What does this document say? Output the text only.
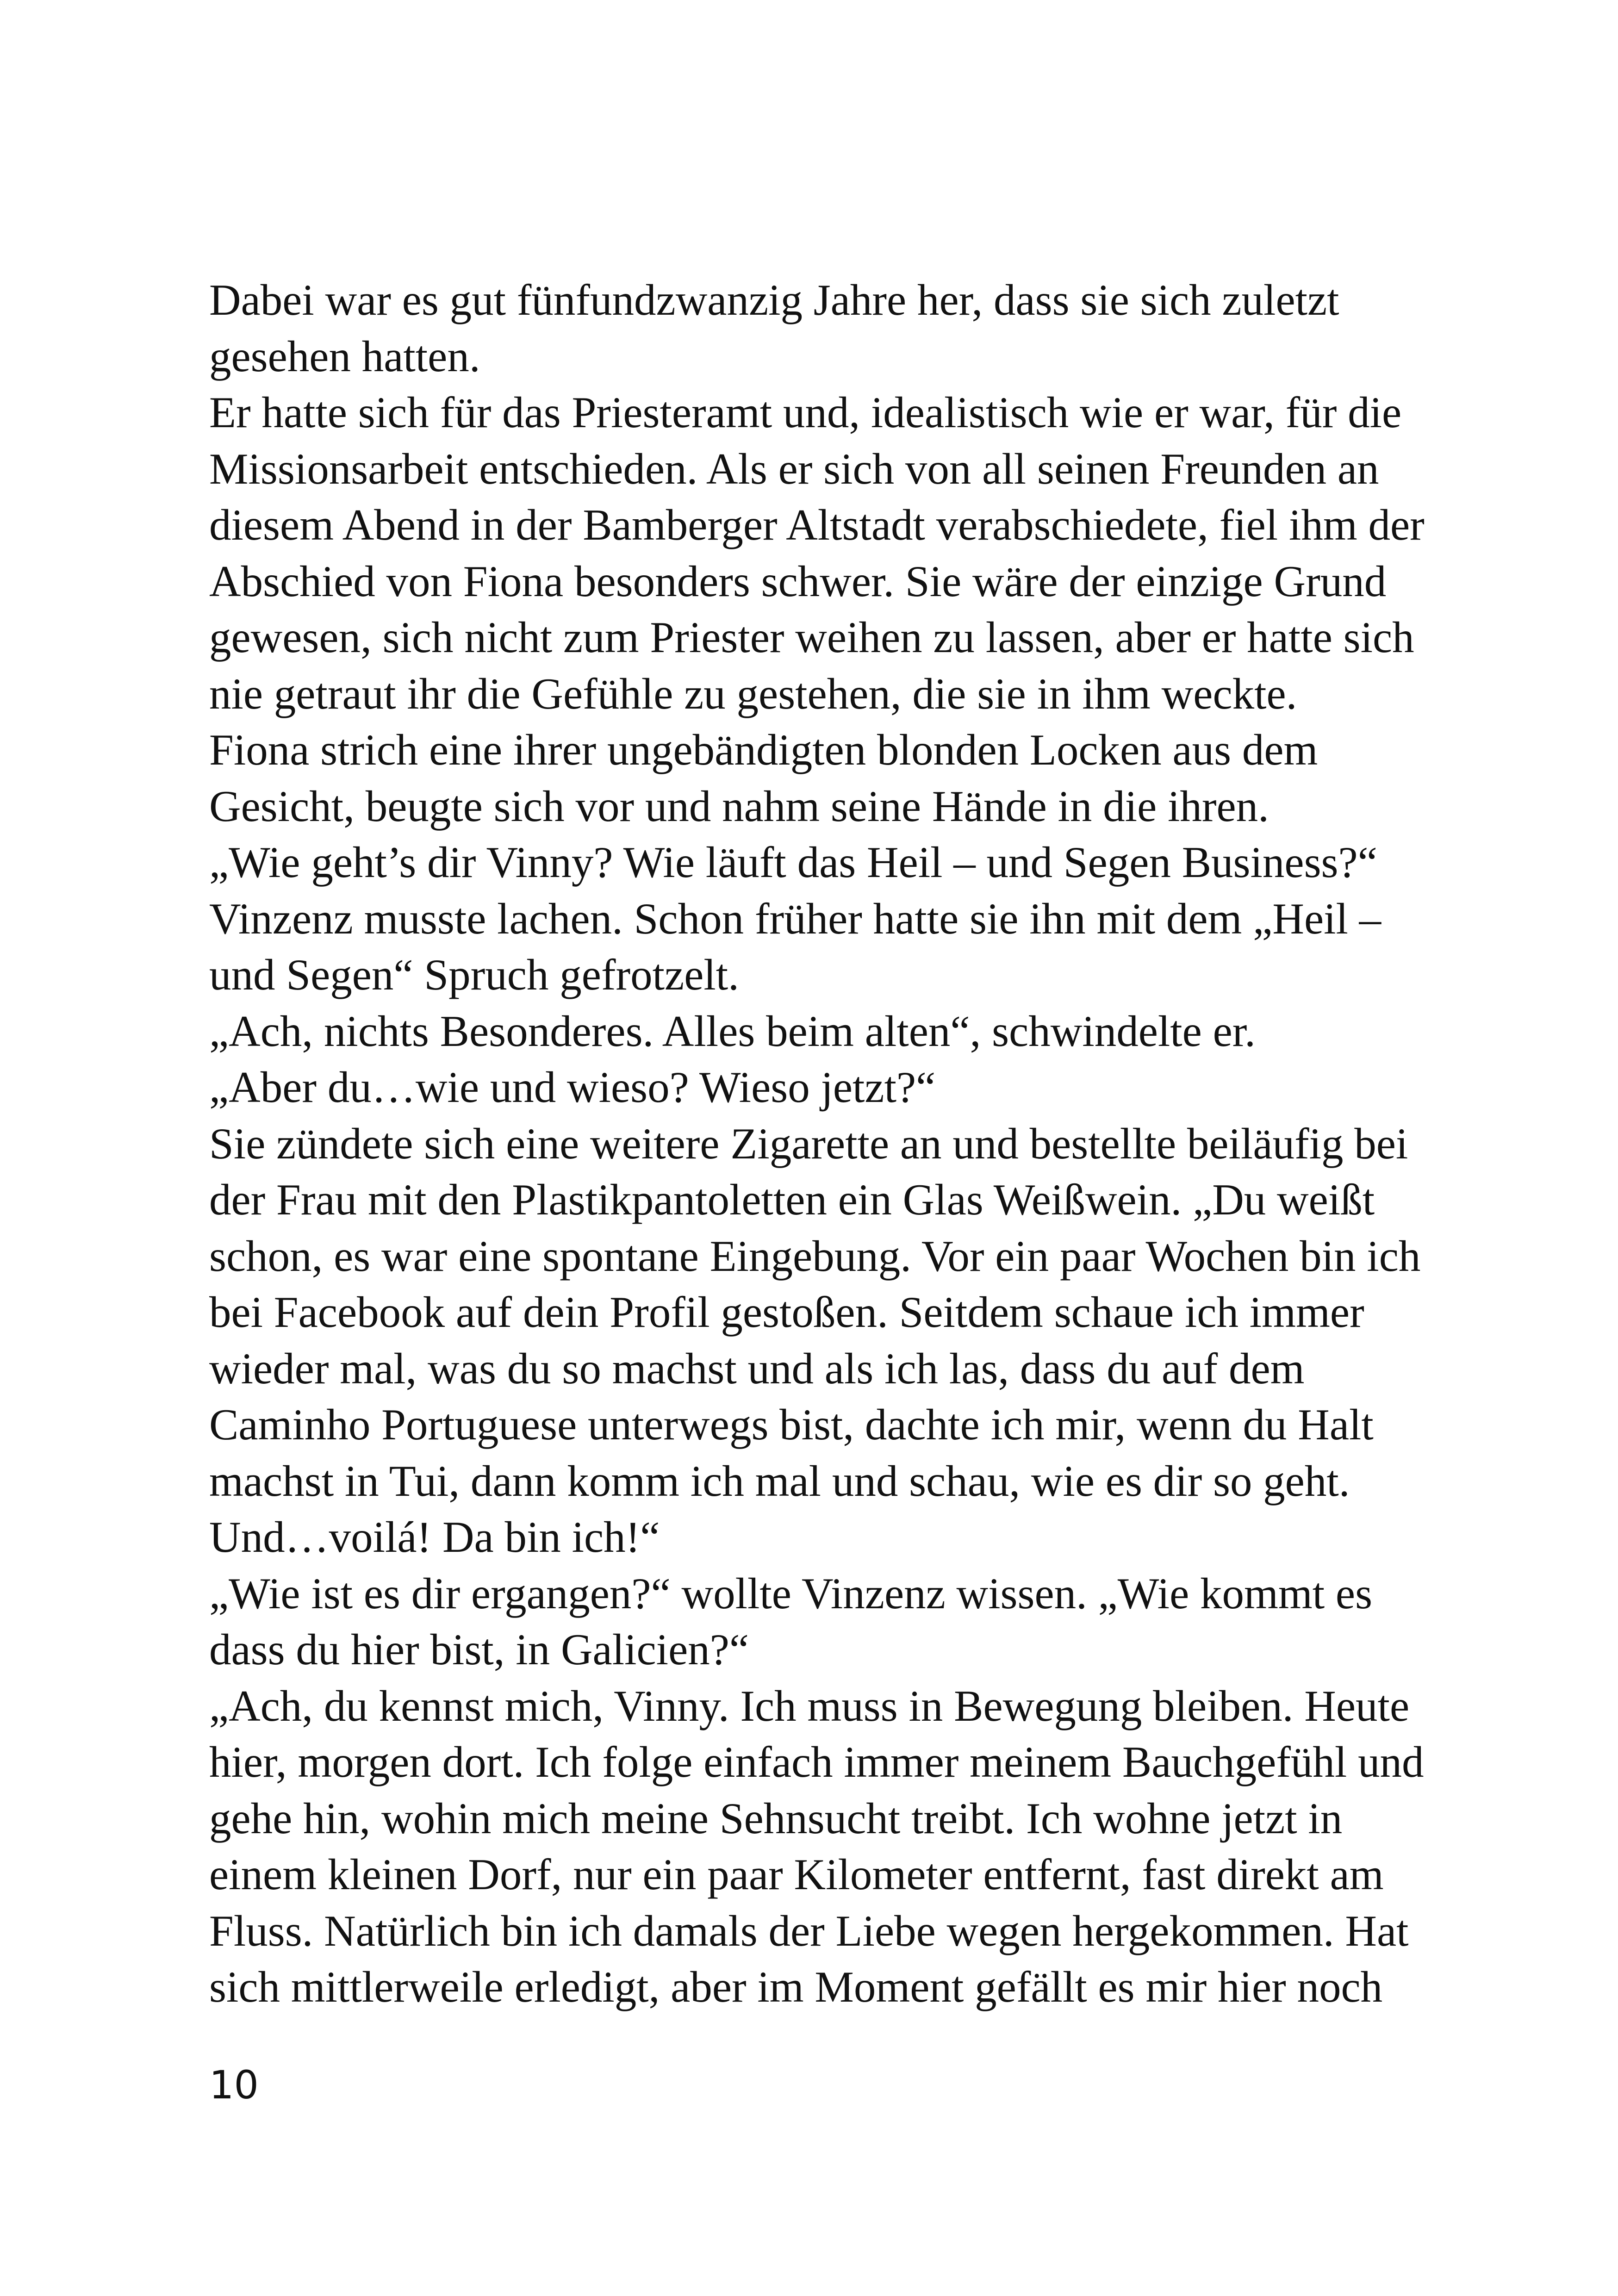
Dabei war es gut fünfundzwanzig Jahre her, dass sie sich zuletzt
gesehen hatten.
Er hatte sich für das Priesteramt und, idealistisch wie er war, für die
Missionsarbeit entschieden. Als er sich von all seinen Freunden an
diesem Abend in der Bamberger Altstadt verabschiedete, fiel ihm der
Abschied von Fiona besonders schwer. Sie wäre der einzige Grund
gewesen, sich nicht zum Priester weihen zu lassen, aber er hatte sich
nie getraut ihr die Gefühle zu gestehen, die sie in ihm weckte.
Fiona strich eine ihrer ungebändigten blonden Locken aus dem
Gesicht, beugte sich vor und nahm seine Hände in die ihren.
„Wie geht’s dir Vinny? Wie läuft das Heil – und Segen Business?“
Vinzenz musste lachen. Schon früher hatte sie ihn mit dem „Heil –
und Segen“ Spruch gefrotzelt.
„Ach, nichts Besonderes. Alles beim alten“, schwindelte er.
„Aber du…wie und wieso? Wieso jetzt?“
Sie zündete sich eine weitere Zigarette an und bestellte beiläufig bei
der Frau mit den Plastikpantoletten ein Glas Weißwein. „Du weißt
schon, es war eine spontane Eingebung. Vor ein paar Wochen bin ich
bei Facebook auf dein Profil gestoßen. Seitdem schaue ich immer
wieder mal, was du so machst und als ich las, dass du auf dem
Caminho Portuguese unterwegs bist, dachte ich mir, wenn du Halt
machst in Tui, dann komm ich mal und schau, wie es dir so geht.
Und…voilá! Da bin ich!“
„Wie ist es dir ergangen?“ wollte Vinzenz wissen. „Wie kommt es
dass du hier bist, in Galicien?“
„Ach, du kennst mich, Vinny. Ich muss in Bewegung bleiben. Heute
hier, morgen dort. Ich folge einfach immer meinem Bauchgefühl und
gehe hin, wohin mich meine Sehnsucht treibt. Ich wohne jetzt in
einem kleinen Dorf, nur ein paar Kilometer entfernt, fast direkt am
Fluss. Natürlich bin ich damals der Liebe wegen hergekommen. Hat
sich mittlerweile erledigt, aber im Moment gefällt es mir hier noch
10
